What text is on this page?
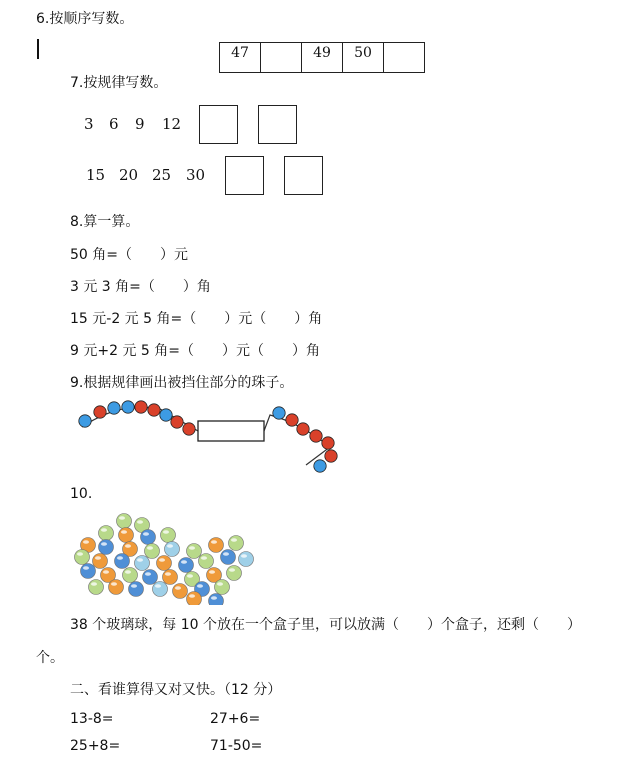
6.按顺序写数。
47		49	50	
7.按规律写数。
3 6 9 12
15 20 25 30
8.算一算。
50 角=（　　）元
3 元 3 角=（　　）角
15 元-2 元 5 角=（　　）元（　　）角
9 元+2 元 5 角=（　　）元（　　）角
9.根据规律画出被挡住部分的珠子。
10.
38 个玻璃球，每 10 个放在一个盒子里，可以放满（　　）个盒子，还剩（　　）
个。
二、看谁算得又对又快。（12 分）
13-8=	27+6=
25+8=	71-50=
